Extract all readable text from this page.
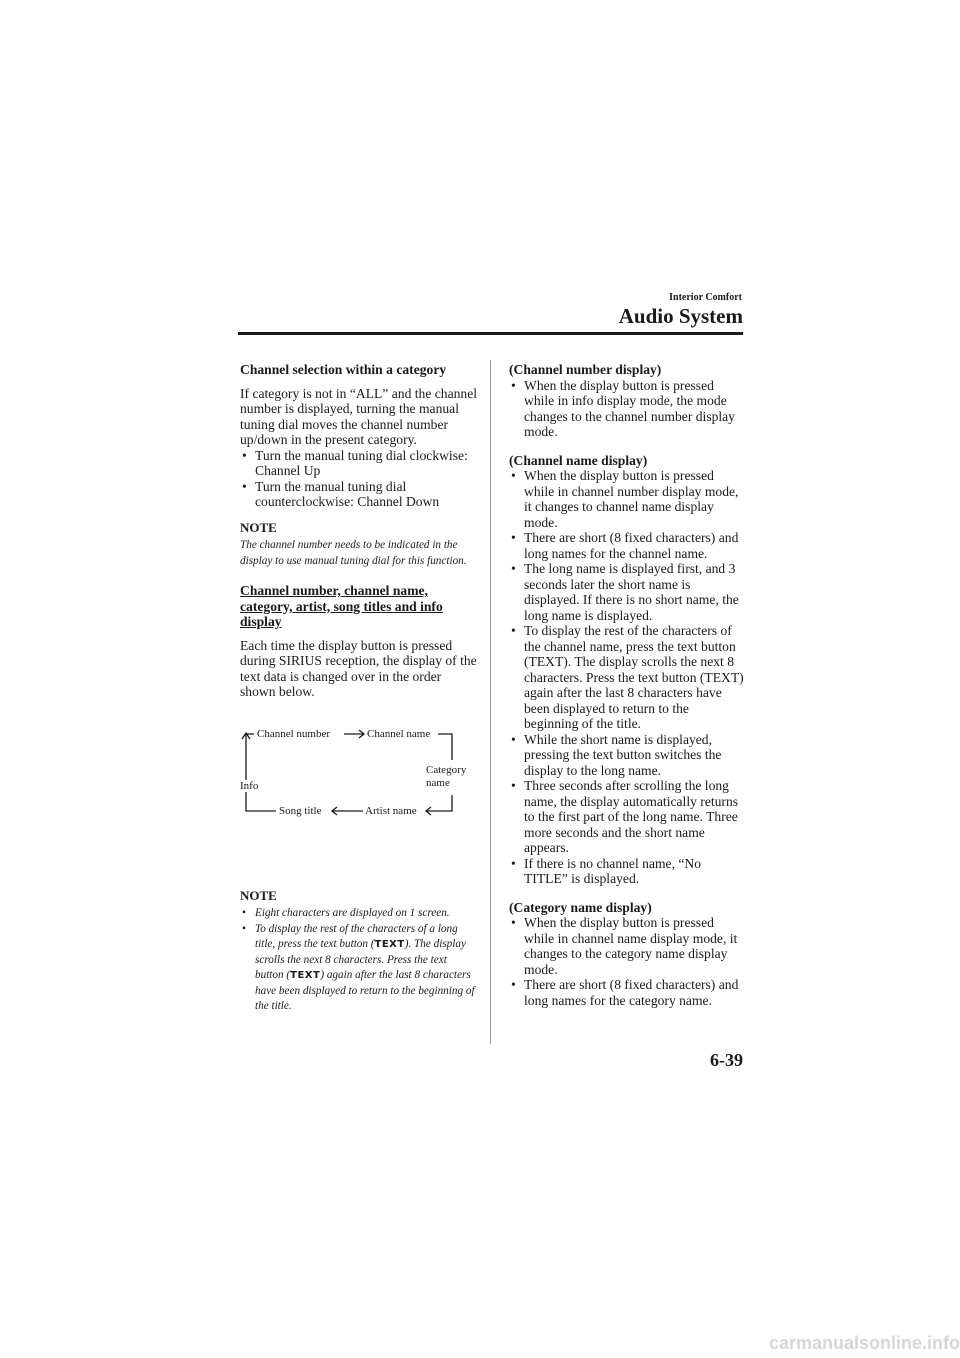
Interior Comfort
Audio System
Channel selection within a category

If category is not in “ALL” and the channel number is displayed, turning the manual tuning dial moves the channel number up/down in the present category.

• Turn the manual tuning dial clockwise: Channel Up
• Turn the manual tuning dial counterclockwise: Channel Down
NOTE
The channel number needs to be indicated in the display to use manual tuning dial for this function.
Channel number, channel name, category, artist, song titles and info display

Each time the display button is pressed during SIRIUS reception, the display of the text data is changed over in the order shown below.

Channel number	Channel name
Info
Category
name
Artist name
Song title
NOTE
• Eight characters are displayed on 1 screen.
• To display the rest of the characters of a long title, press the text button (TEXT). The display scrolls the next 8 characters. Press the text button (TEXT) again after the last 8 characters have been displayed to return to the beginning of the title.
(Channel number display)
• When the display button is pressed while in info display mode, the mode changes to the channel number display mode.
(Channel name display)
• When the display button is pressed while in channel number display mode, it changes to channel name display mode.
• There are short (8 fixed characters) and long names for the channel name.
• The long name is displayed first, and 3 seconds later the short name is displayed. If there is no short name, the long name is displayed.
• To display the rest of the characters of the channel name, press the text button (TEXT). The display scrolls the next 8 characters. Press the text button (TEXT) again after the last 8 characters have been displayed to return to the beginning of the title.
• While the short name is displayed, pressing the text button switches the display to the long name.
• Three seconds after scrolling the long name, the display automatically returns to the first part of the long name. Three more seconds and the short name appears.
• If there is no channel name, “No TITLE” is displayed.
(Category name display)
• When the display button is pressed while in channel name display mode, it changes to the category name display mode.
• There are short (8 fixed characters) and long names for the category name.
6-39
carmanualsonline.info
